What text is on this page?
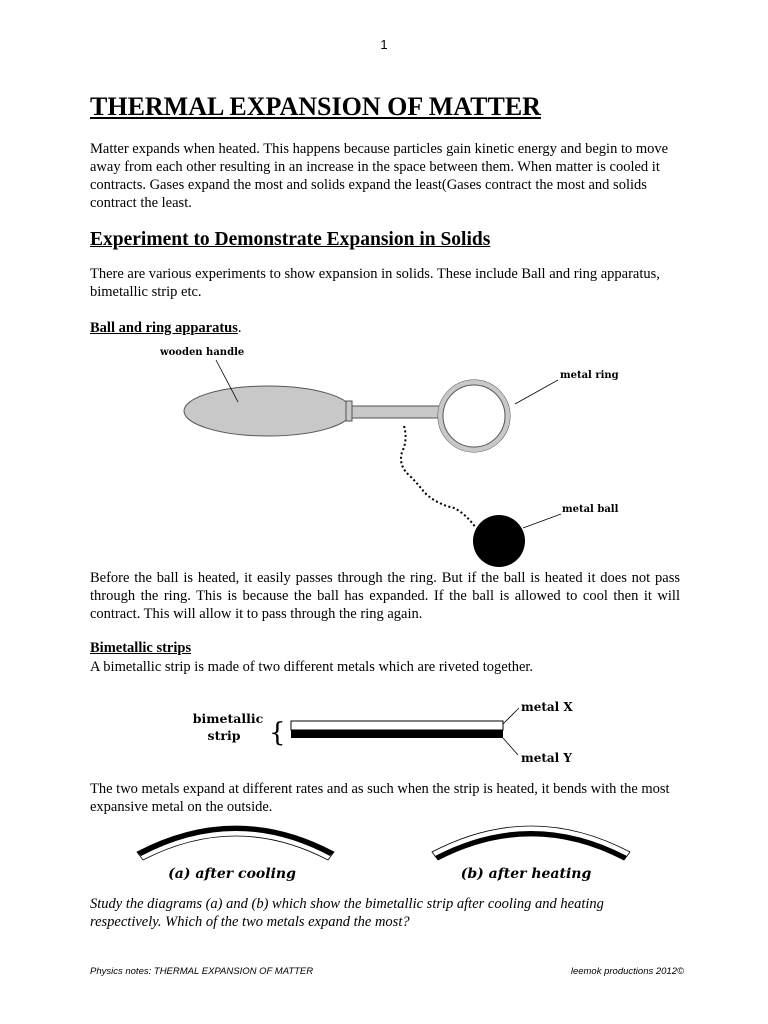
1
THERMAL EXPANSION OF MATTER

Matter expands when heated. This happens because particles gain kinetic energy and begin to move away from each other resulting in an increase in the space between them. When matter is cooled it contracts. Gases expand the most and solids expand the least(Gases contract the most and solids contract the least.

Experiment to Demonstrate Expansion in Solids

There are various experiments to show expansion in solids. These include Ball and ring apparatus, bimetallic strip etc.

Ball and ring apparatus.
wooden handle
metal ring
metal ball
{
bimetallic
strip
metal X
metal Y
(a) after cooling	(b) after heating

Before the ball is heated, it easily passes through the ring. But if the ball is heated it does not pass through the ring. This is because the ball has expanded. If the ball is allowed to cool then it will contract. This will allow it to pass through the ring again.

Bimetallic strips

A bimetallic strip is made of two different metals which are riveted together.

The two metals expand at different rates and as such when the strip is heated, it bends with the most expansive metal on the outside.

Study the diagrams (a) and (b) which show the bimetallic strip after cooling and heating respectively. Which of the two metals expand the most?

Physics notes: THERMAL EXPANSION OF MATTER	leemok productions 2012©
